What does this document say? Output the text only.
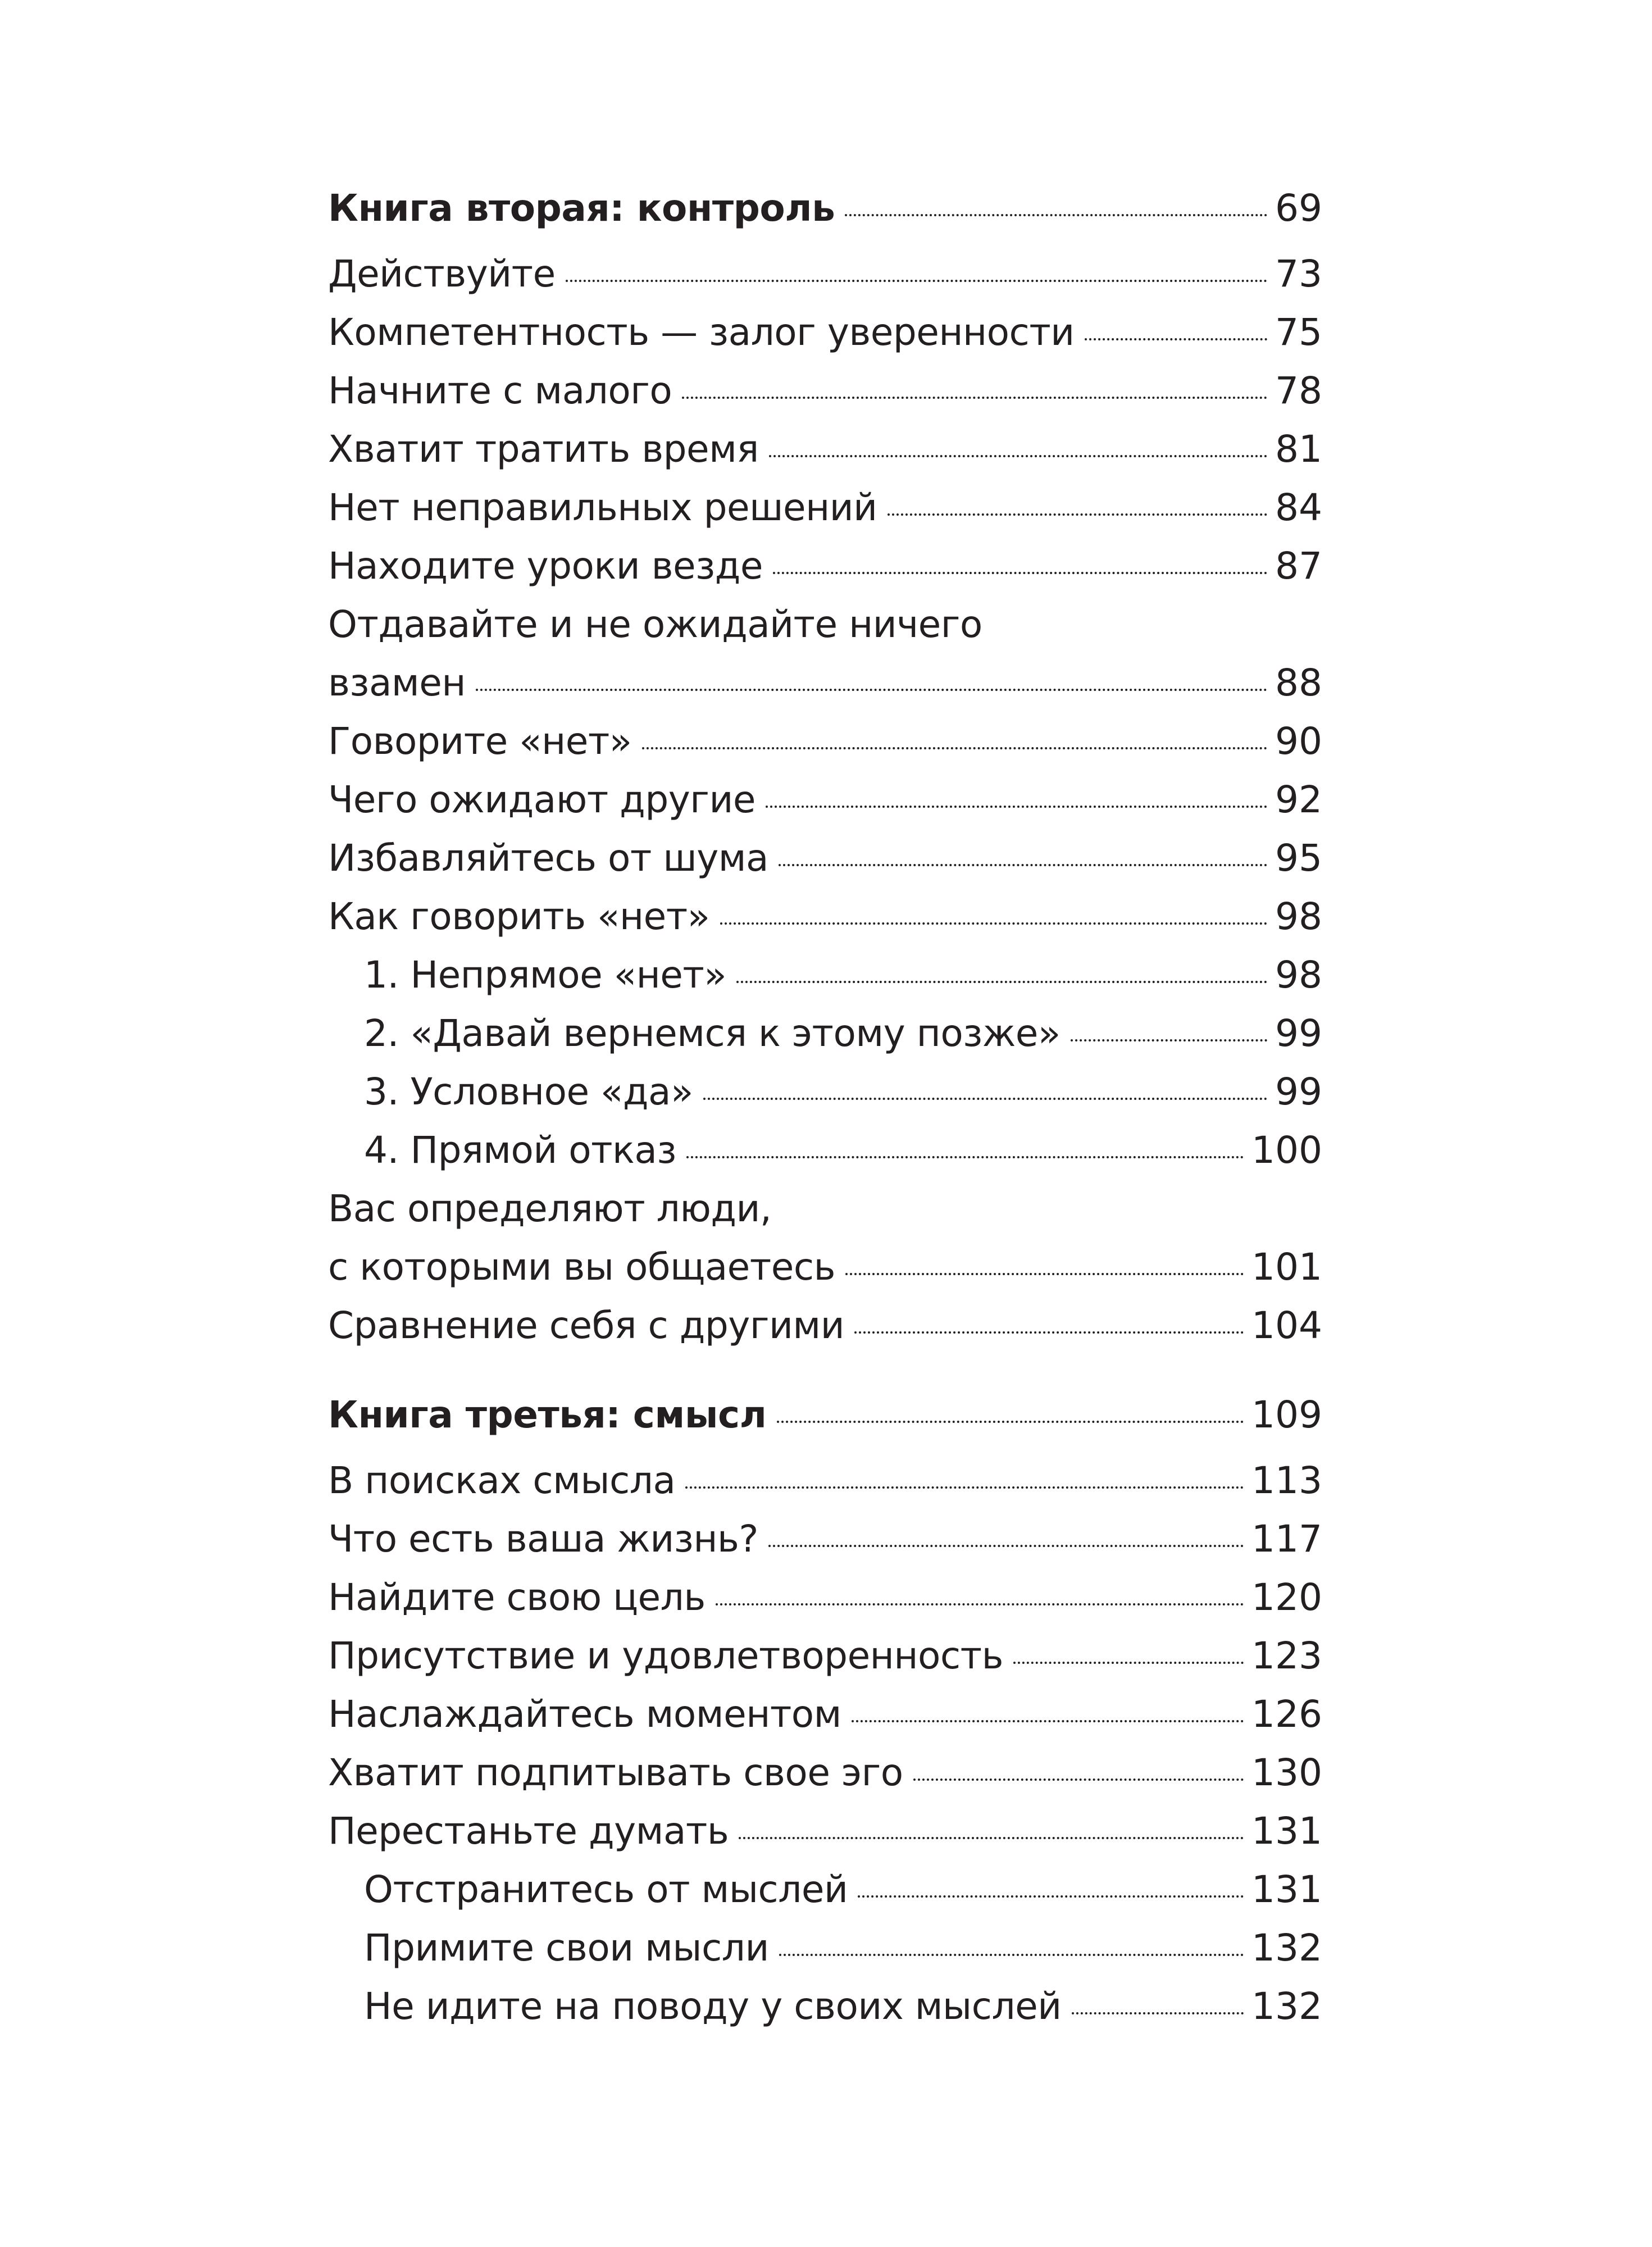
Книга вторая: контроль	69
Действуйте	73
Компетентность — залог уверенности	75
Начните с малого	78
Хватит тратить время	81
Нет неправильных решений	84
Находите уроки везде	87
Отдавайте и не ожидайте ничего
взамен	88
Говорите «нет»	90
Чего ожидают другие	92
Избавляйтесь от шума	95
Как говорить «нет»	98
1. Непрямое «нет»	98
2. «Давай вернемся к этому позже»	99
3. Условное «да»	99
4. Прямой отказ	100
Вас определяют люди,
с которыми вы общаетесь	101
Сравнение себя с другими	104
Книга третья: смысл	109
В поисках смысла	113
Что есть ваша жизнь?	117
Найдите свою цель	120
Присутствие и удовлетворенность	123
Наслаждайтесь моментом	126
Хватит подпитывать свое эго	130
Перестаньте думать	131
Отстранитесь от мыслей	131
Примите свои мысли	132
Не идите на поводу у своих мыслей	132
